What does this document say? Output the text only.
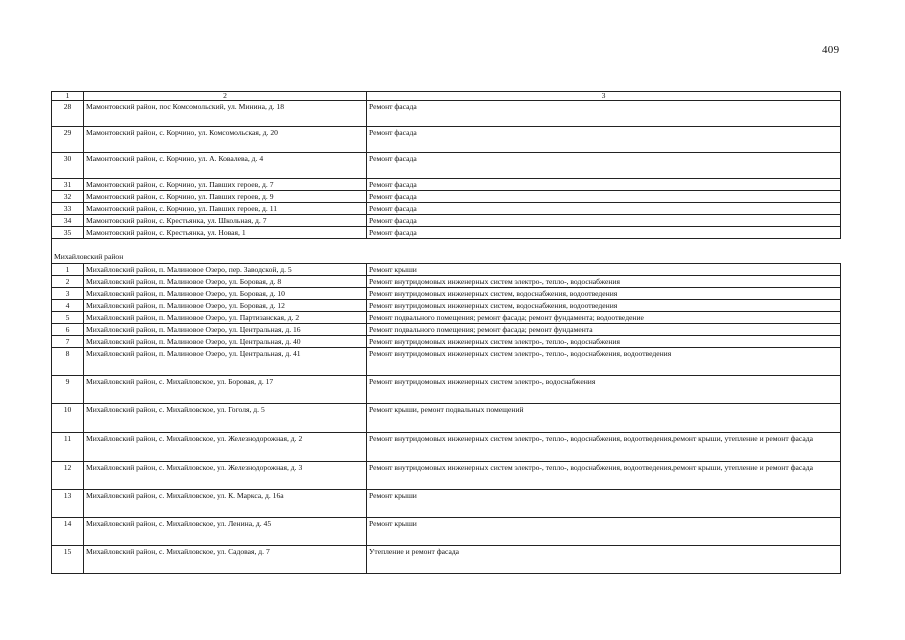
409
1	2	3
28	Мамонтовский район, пос Комсомольский, ул. Минина, д. 18	Ремонт фасада
29	Мамонтовский район, с. Корчино, ул. Комсомольская, д. 20	Ремонт фасада
30	Мамонтовский район, с. Корчино, ул. А. Ковалева, д. 4	Ремонт фасада
31	Мамонтовский район, с. Корчино, ул. Павших героев, д. 7	Ремонт фасада
32	Мамонтовский район, с. Корчино, ул. Павших героев, д. 9	Ремонт фасада
33	Мамонтовский район, с. Корчино, ул. Павших героев, д. 11	Ремонт фасада
34	Мамонтовский район, с. Крестьянка, ул. Школьная, д. 7	Ремонт фасада
35	Мамонтовский район, с. Крестьянка, ул. Новая, 1	Ремонт фасада
Михайловский район		
1	Михайловский район, п. Малиновое Озеро, пер. Заводской, д. 5	Ремонт крыши
2	Михайловский район, п. Малиновое Озеро, ул. Боровая, д. 8	Ремонт внутридомовых инженерных систем электро-, тепло-, водоснабжения
3	Михайловский район, п. Малиновое Озеро, ул. Боровая, д. 10	Ремонт внутридомовых инженерных систем, водоснабжения, водоотведения
4	Михайловский район, п. Малиновое Озеро, ул. Боровая, д. 12	Ремонт внутридомовых инженерных систем, водоснабжения, водоотведения
5	Михайловский район, п. Малиновое Озеро, ул. Партизанская, д. 2	Ремонт подвального помещения; ремонт фасада; ремонт фундамента; водоотведение
6	Михайловский район, п. Малиновое Озеро, ул. Центральная, д. 16	Ремонт подвального помещения; ремонт фасада; ремонт фундамента
7	Михайловский район, п. Малиновое Озеро, ул. Центральная, д. 40	Ремонт внутридомовых инженерных систем электро-, тепло-, водоснабжения
8	Михайловский район, п. Малиновое Озеро, ул. Центральная, д. 41	Ремонт внутридомовых инженерных систем электро-, тепло-, водоснабжения, водоотведения
9	Михайловский район, с. Михайловское, ул. Боровая, д. 17	Ремонт внутридомовых инженерных систем электро-, водоснабжения
10	Михайловский район, с. Михайловское, ул. Гоголя, д. 5	Ремонт крыши, ремонт подвальных помещений
11	Михайловский район, с. Михайловское, ул. Железнодорожная, д. 2	Ремонт внутридомовых инженерных систем электро-, тепло-, водоснабжения, водоотведения,ремонт крыши, утепление и ремонт фасада
12	Михайловский район, с. Михайловское, ул. Железнодорожная, д. 3	Ремонт внутридомовых инженерных систем электро-, тепло-, водоснабжения, водоотведения,ремонт крыши, утепление и ремонт фасада
13	Михайловский район, с. Михайловское, ул. К. Маркса, д. 16а	Ремонт крыши
14	Михайловский район, с. Михайловское, ул. Ленина, д. 45	Ремонт крыши
15	Михайловский район, с. Михайловское, ул. Садовая, д. 7	Утепление и ремонт фасада
